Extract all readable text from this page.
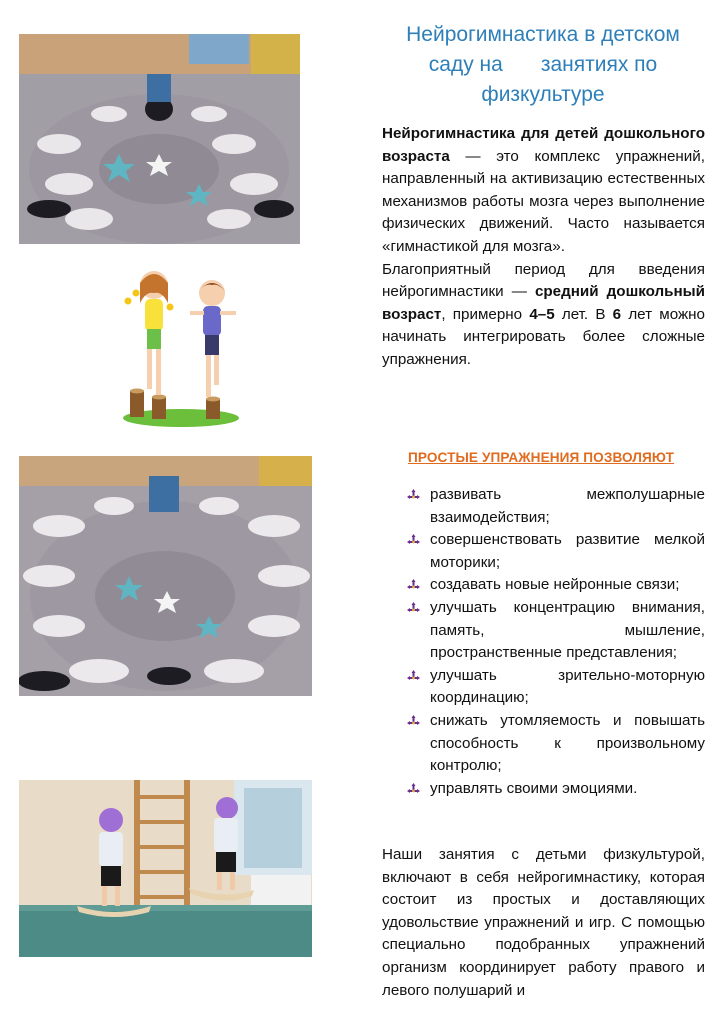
Нейрогимнастика в детском
саду на занятиях по
физкультуре
Нейрогимнастика для детей дошкольного возраста — это комплекс упражнений, направленный на активизацию естественных механизмов работы мозга через выполнение физических движений. Часто называется «гимнастикой для мозга».
Благоприятный период для введения нейрогимнастики — средний дошкольный возраст, примерно 4–5 лет. В 6 лет можно начинать интегрировать более сложные упражнения.
ПРОСТЫЕ УПРАЖНЕНИЯ ПОЗВОЛЯЮТ
развивать межполушарные взаимодействия;
совершенствовать развитие мелкой моторики;
создавать новые нейронные связи;
улучшать концентрацию внимания, память, мышление, пространственные представления;
улучшать зрительно-моторную координацию;
снижать утомляемость и повышать способность к произвольному контролю;
управлять своими эмоциями.
Наши занятия с детьми физкультурой, включают в себя нейрогимнастику, которая состоит из простых и доставляющих удовольствие упражнений и игр. С помощью специально подобранных упражнений организм координирует работу правого и левого полушарий и
